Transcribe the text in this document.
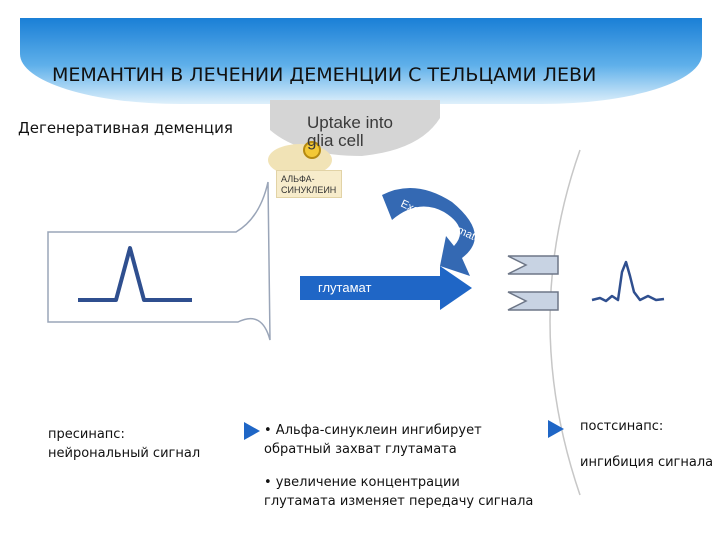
МЕМАНТИН В ЛЕЧЕНИИ ДЕМЕНЦИИ С ТЕЛЬЦАМИ ЛЕВИ
Дегенеративная деменция
Excess glutamate
Uptake into glia cell
АЛЬФА-СИНУКЛЕИН
глутамат
пресинапс:
нейрональный сигнал
• Альфа-синуклеин ингибирует
обратный захват глутамата
• увеличение концентрации
глутамата изменяет передачу сигнала
постсинапс:
ингибиция сигнала
